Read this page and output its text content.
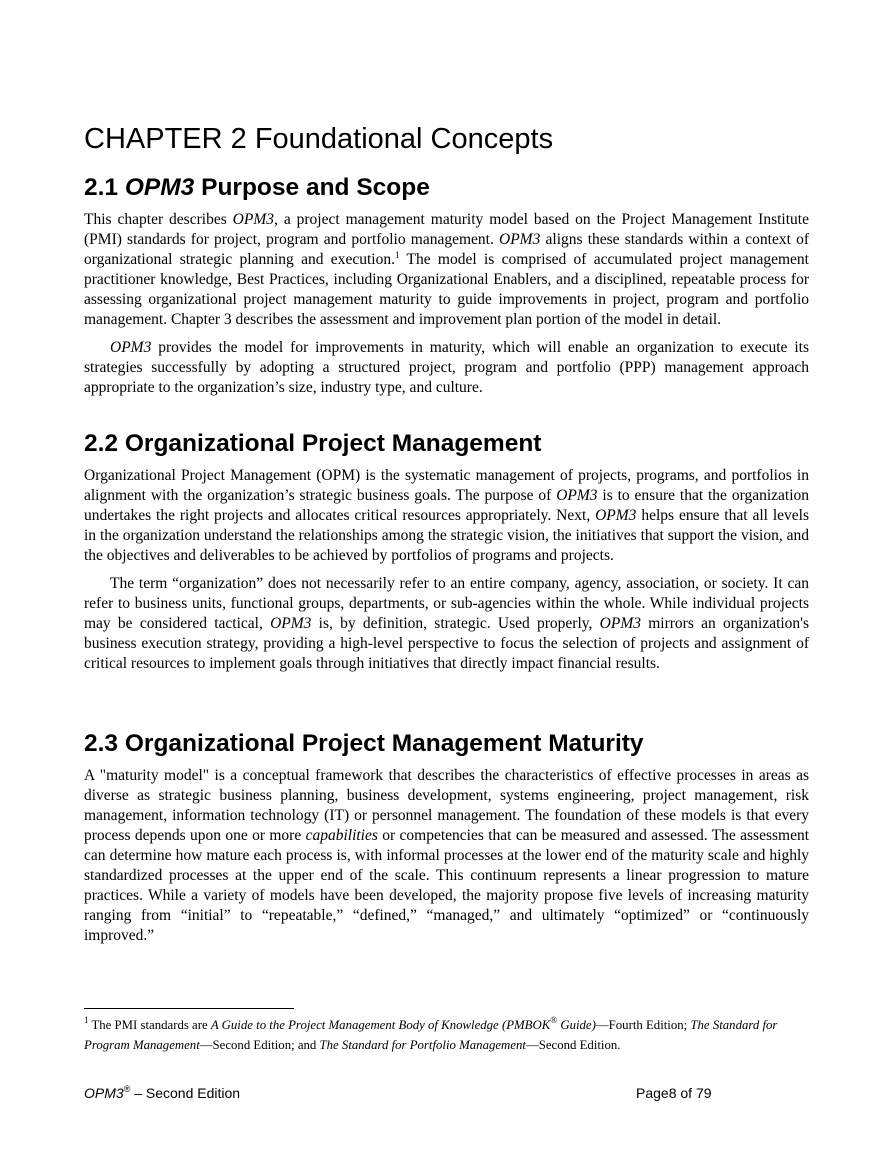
CHAPTER 2 Foundational Concepts
2.1 OPM3 Purpose and Scope

This chapter describes OPM3, a project management maturity model based on the Project Management Institute (PMI) standards for project, program and portfolio management. OPM3 aligns these standards within a context of organizational strategic planning and execution.$^1$ The model is comprised of accumulated project management practitioner knowledge, Best Practices, including Organizational Enablers, and a disciplined, repeatable process for assessing organizational project management maturity to guide improvements in project, program and portfolio management. Chapter 3 describes the assessment and improvement plan portion of the model in detail.

OPM3 provides the model for improvements in maturity, which will enable an organization to execute its strategies successfully by adopting a structured project, program and portfolio (PPP) management approach appropriate to the organization’s size, industry type, and culture.

2.2 Organizational Project Management

Organizational Project Management (OPM) is the systematic management of projects, programs, and portfolios in alignment with the organization’s strategic business goals. The purpose of OPM3 is to ensure that the organization undertakes the right projects and allocates critical resources appropriately. Next, OPM3 helps ensure that all levels in the organization understand the relationships among the strategic vision, the initiatives that support the vision, and the objectives and deliverables to be achieved by portfolios of programs and projects.

The term “organization” does not necessarily refer to an entire company, agency, association, or society. It can refer to business units, functional groups, departments, or sub-agencies within the whole. While individual projects may be considered tactical, OPM3 is, by definition, strategic. Used properly, OPM3 mirrors an organization's business execution strategy, providing a high-level perspective to focus the selection of projects and assignment of critical resources to implement goals through initiatives that directly impact financial results.

2.3 Organizational Project Management Maturity

A "maturity model" is a conceptual framework that describes the characteristics of effective processes in areas as diverse as strategic business planning, business development, systems engineering, project management, risk management, information technology (IT) or personnel management. The foundation of these models is that every process depends upon one or more capabilities or competencies that can be measured and assessed. The assessment can determine how mature each process is, with informal processes at the lower end of the maturity scale and highly standardized processes at the upper end of the scale. This continuum represents a linear progression to mature practices. While a variety of models have been developed, the majority propose five levels of increasing maturity ranging from “initial” to “repeatable,” “defined,” “managed,” and ultimately “optimized” or “continuously improved.”

$^1$ The PMI standards are A Guide to the Project Management Body of Knowledge (PMBOK® Guide)—Fourth Edition; The Standard for Program Management—Second Edition; and The Standard for Portfolio Management—Second Edition.
OPM3® – Second Edition	Page8 of 79
